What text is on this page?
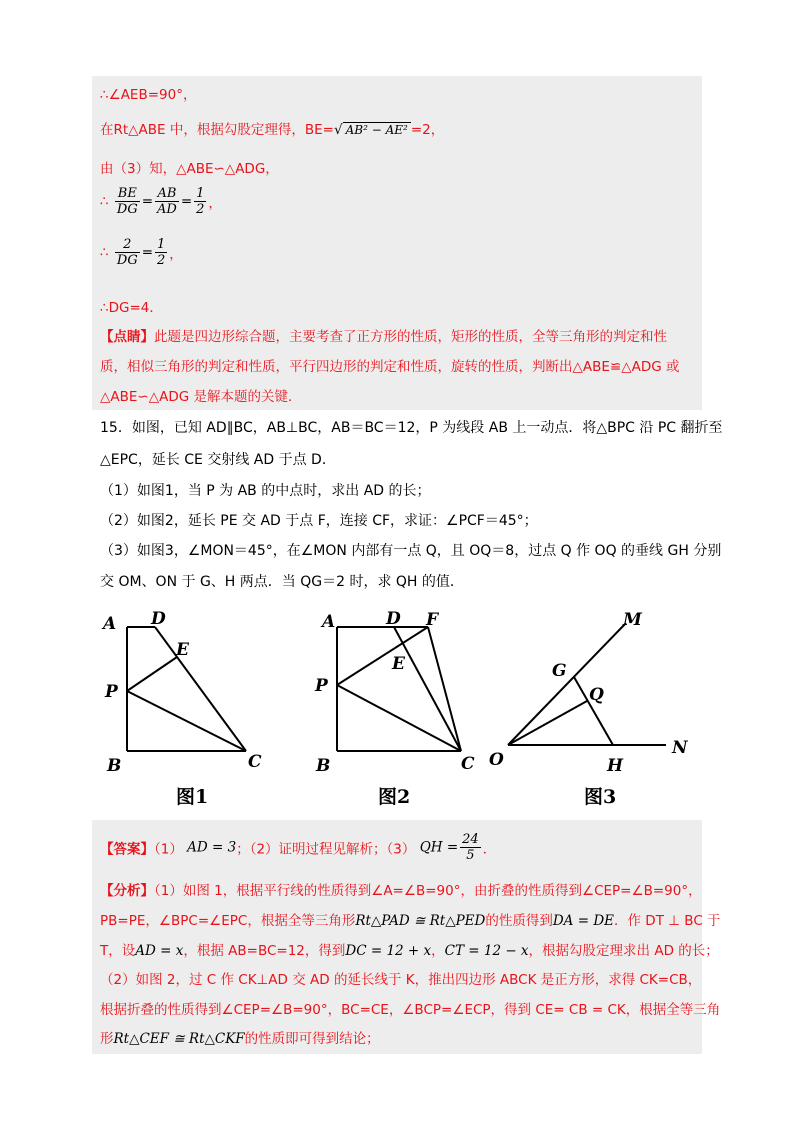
∴∠AEB=90°，
在Rt△ABE 中，根据勾股定理得，BE=√ AB² − AE² =2，
由（3）知，△ABE∽△ADG，
∴ $\frac{BE}{DG} = \frac{AB}{AD} = \frac{1}{2}$ ，
∴ $\frac{2}{DG} = \frac{1}{2}$ ，
∴DG=4．
【点睛】此题是四边形综合题，主要考查了正方形的性质，矩形的性质，全等三角形的判定和性
质，相似三角形的判定和性质，平行四边形的判定和性质，旋转的性质，判断出△ABE≌△ADG 或
△ABE∽△ADG 是解本题的关键．
15．如图，已知 AD∥BC，AB⊥BC，AB＝BC＝12，P 为线段 AB 上一动点．将△BPC 沿 PC 翻折至
△EPC，延长 CE 交射线 AD 于点 D．
（1）如图1，当 P 为 AB 的中点时，求出 AD 的长；
（2）如图2，延长 PE 交 AD 于点 F，连接 CF，求证：∠PCF＝45°；
（3）如图3，∠MON＝45°，在∠MON 内部有一点 Q，且 OQ＝8，过点 Q 作 OQ 的垂线 GH 分别
交 OM、ON 于 G、H 两点．当 QG＝2 时，求 QH 的值．
A D
E
P
B	C
图1
A	D F
E
P
B	C
图2
M
G
Q
O	H
N
图3
【答案】（1） AD = 3；（2）证明过程见解析；（3） QH = $\frac{24}{5}$ ．
【分析】（1）如图 1，根据平行线的性质得到∠A=∠B=90°，由折叠的性质得到∠CEP=∠B=90°，
PB=PE，∠BPC=∠EPC，根据全等三角形Rt△PAD ≅ Rt△PED的性质得到DA = DE．作 DT ⊥ BC 于
T，设AD = x，根据 AB=BC=12，得到DC = 12 + x，CT = 12 − x，根据勾股定理求出 AD 的长；
（2）如图 2，过 C 作 CK⊥AD 交 AD 的延长线于 K，推出四边形 ABCK 是正方形，求得 CK=CB，
根据折叠的性质得到∠CEP=∠B=90°，BC=CE，∠BCP=∠ECP，得到 CE= CB = CK，根据全等三角
形Rt△CEF ≅ Rt△CKF的性质即可得到结论；
